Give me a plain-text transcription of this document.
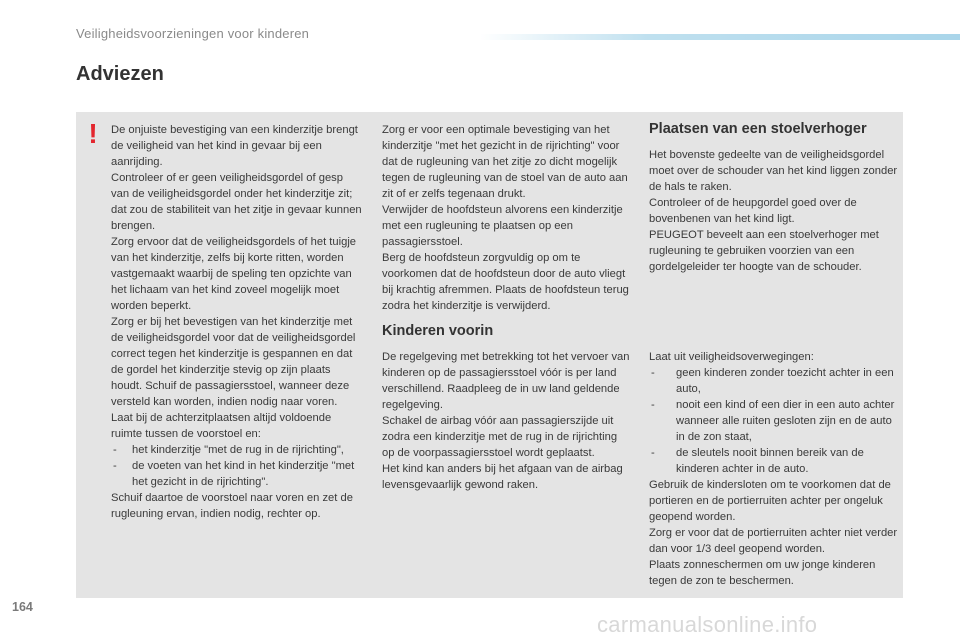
Veiligheidsvoorzieningen voor kinderen
Adviezen
! De onjuiste bevestiging van een kinderzitje brengt de veiligheid van het kind in gevaar bij een aanrijding.

Controleer of er geen veiligheidsgordel of gesp van de veiligheidsgordel onder het kinderzitje zit; dat zou de stabiliteit van het zitje in gevaar kunnen brengen.

Zorg ervoor dat de veiligheidsgordels of het tuigje van het kinderzitje, zelfs bij korte ritten, worden vastgemaakt waarbij de speling ten opzichte van het lichaam van het kind zoveel mogelijk moet worden beperkt.

Zorg er bij het bevestigen van het kinderzitje met de veiligheidsgordel voor dat de veiligheidsgordel correct tegen het kinderzitje is gespannen en dat de gordel het kinderzitje stevig op zijn plaats houdt. Schuif de passagiersstoel, wanneer deze versteld kan worden, indien nodig naar voren.

Laat bij de achterzitplaatsen altijd voldoende ruimte tussen de voorstoel en:

- het kinderzitje "met de rug in de rijrichting",
- de voeten van het kind in het kinderzitje "met het gezicht in de rijrichting".

Schuif daartoe de voorstoel naar voren en zet de rugleuning ervan, indien nodig, rechter op.

Zorg er voor een optimale bevestiging van het kinderzitje "met het gezicht in de rijrichting" voor dat de rugleuning van het zitje zo dicht mogelijk tegen de rugleuning van de stoel van de auto aan zit of er zelfs tegenaan drukt.

Verwijder de hoofdsteun alvorens een kinderzitje met een rugleuning te plaatsen op een passagiersstoel.

Berg de hoofdsteun zorgvuldig op om te voorkomen dat de hoofdsteun door de auto vliegt bij krachtig afremmen. Plaats de hoofdsteun terug zodra het kinderzitje is verwijderd.

Kinderen voorin

De regelgeving met betrekking tot het vervoer van kinderen op de passagiersstoel vóór is per land verschillend. Raadpleeg de in uw land geldende regelgeving.

Schakel de airbag vóór aan passagierszijde uit zodra een kinderzitje met de rug in de rijrichting op de voorpassagiersstoel wordt geplaatst.

Het kind kan anders bij het afgaan van de airbag levensgevaarlijk gewond raken.

Plaatsen van een stoelverhoger

Het bovenste gedeelte van de veiligheidsgordel moet over de schouder van het kind liggen zonder de hals te raken.

Controleer of de heupgordel goed over de bovenbenen van het kind ligt.

PEUGEOT beveelt aan een stoelverhoger met rugleuning te gebruiken voorzien van een gordelgeleider ter hoogte van de schouder.

Laat uit veiligheidsoverwegingen:

- geen kinderen zonder toezicht achter in een auto,
- nooit een kind of een dier in een auto achter wanneer alle ruiten gesloten zijn en de auto in de zon staat,
- de sleutels nooit binnen bereik van de kinderen achter in de auto.

Gebruik de kindersloten om te voorkomen dat de portieren en de portierruiten achter per ongeluk geopend worden.

Zorg er voor dat de portierruiten achter niet verder dan voor 1/3 deel geopend worden.

Plaats zonneschermen om uw jonge kinderen tegen de zon te beschermen.

164
carmanualsonline.info
